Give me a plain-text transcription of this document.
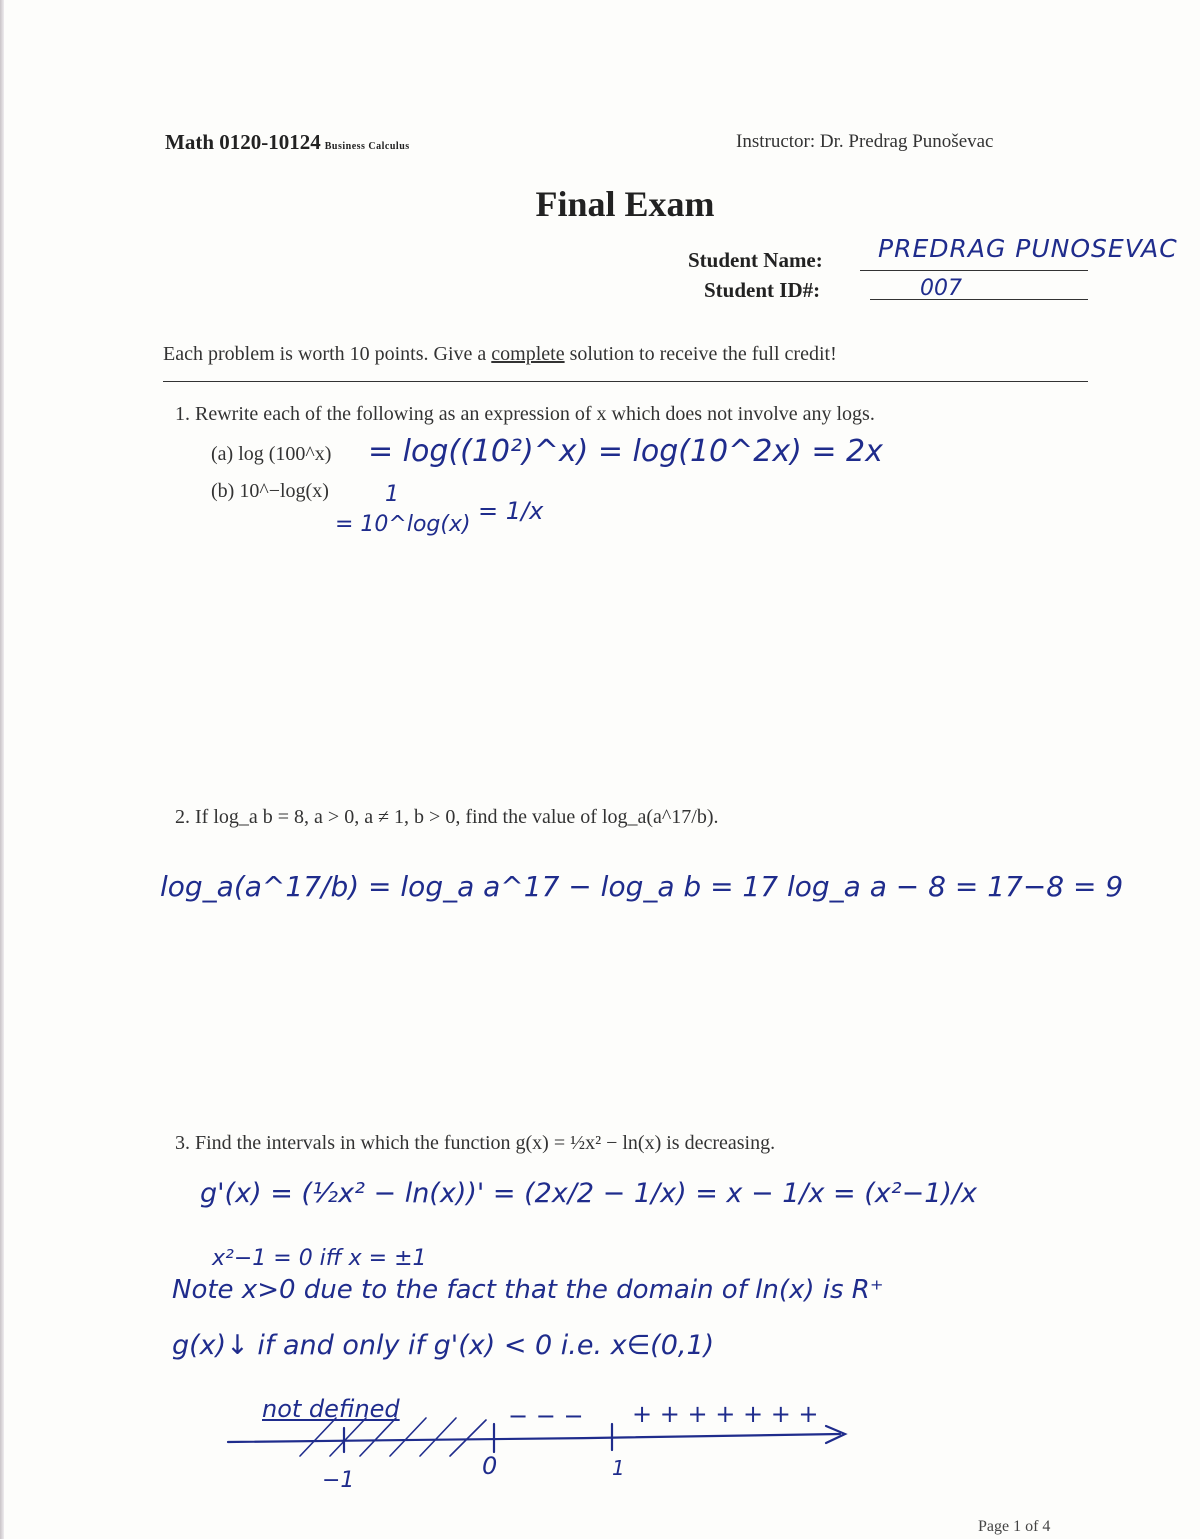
Math 0120-10124 Business Calculus	Instructor: Dr. Predrag Punoševac
Final Exam
Student Name: PREDRAG PUNOSEVAC
Student ID#:	007
Each problem is worth 10 points. Give a complete solution to receive the full credit!
1. Rewrite each of the following as an expression of x which does not involve any logs.
(a) log (100^x) = log((10²)^x) = log(10^2x) = 2x
(b) 10^−log(x)	1
= 10^log(x) = 1/x
2. If log_a b = 8, a > 0, a ≠ 1, b > 0, find the value of log_a(a^17/b).
log_a(a^17/b) = log_a a^17 − log_a b = 17 log_a a − 8 = 17−8 = 9
3. Find the intervals in which the function g(x) = ½x² − ln(x) is decreasing.
g'(x) = (½x² − ln(x))' = (2x/2 − 1/x) = x − 1/x = (x²−1)/x
x²−1 = 0 iff x = ±1
Note x>0 due to the fact that the domain of ln(x) is R⁺
g(x)↓ if and only if g'(x) < 0 i.e. x∈(0,1)
not defined	− − − + + + + + + +
−1
0	1
Page 1 of 4
